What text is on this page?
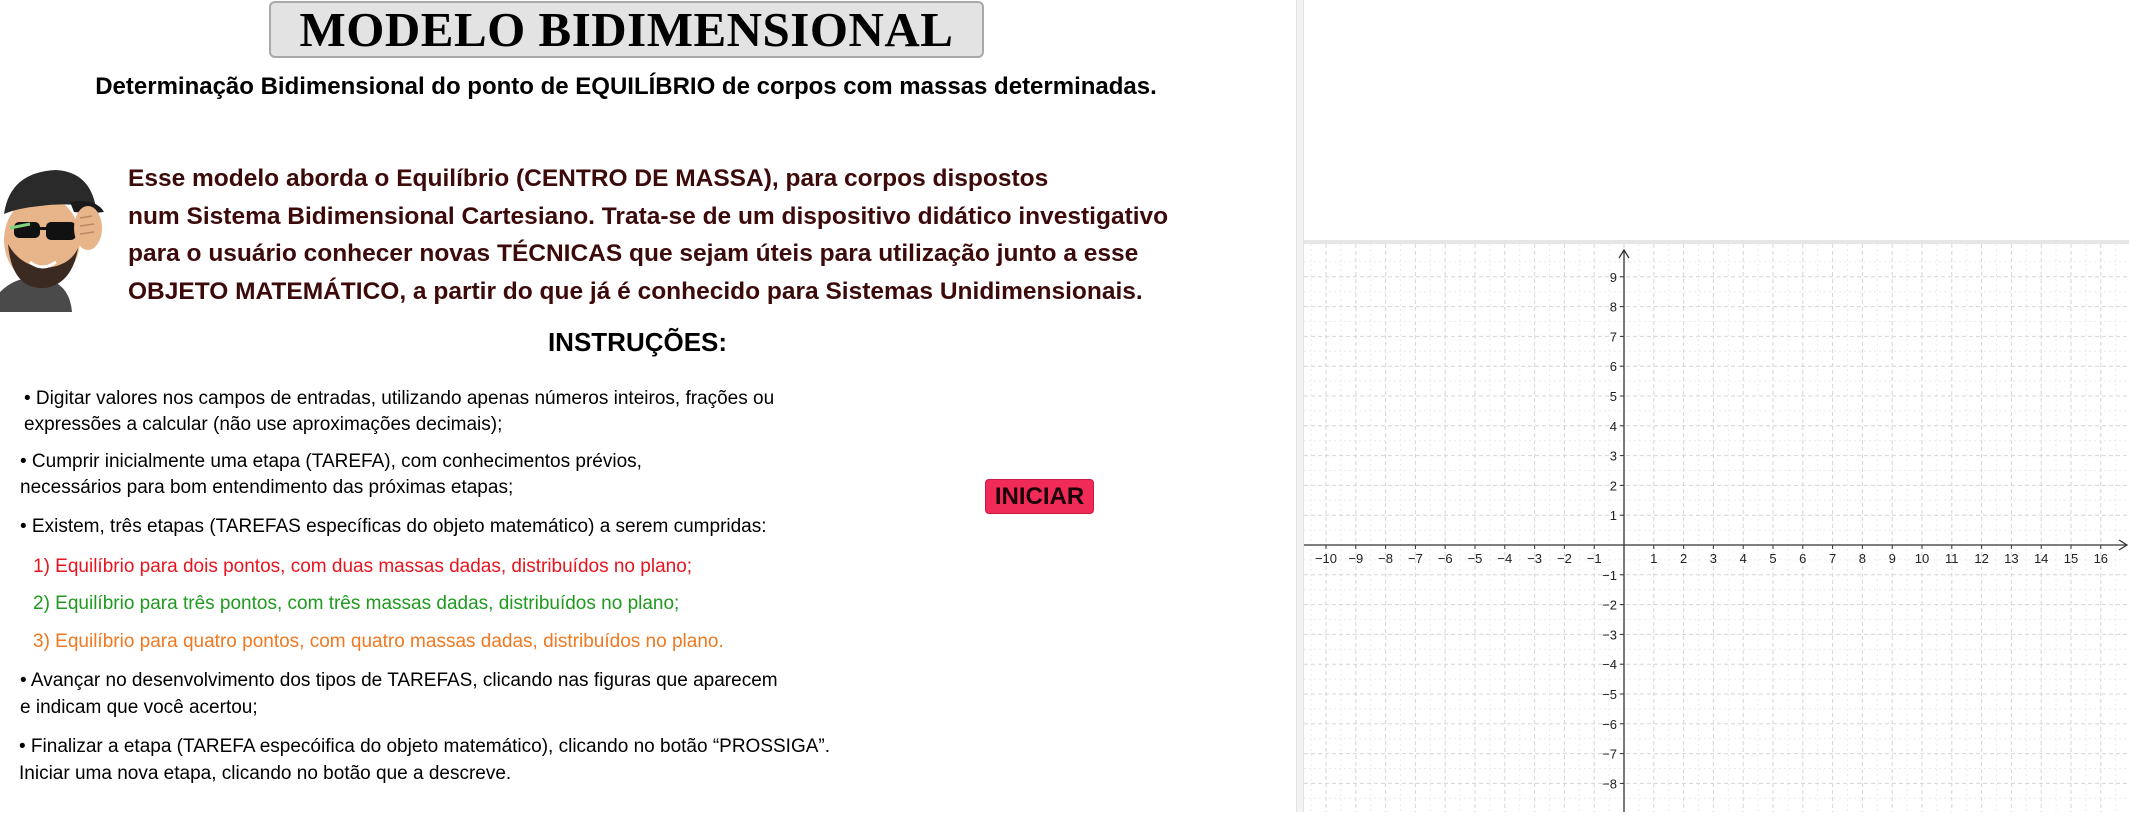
MODELO BIDIMENSIONAL
Determinação Bidimensional do ponto de EQUILÍBRIO de corpos com massas determinadas.
Esse modelo aborda o Equilíbrio (CENTRO DE MASSA), para corpos dispostos
num Sistema Bidimensional Cartesiano. Trata-se de um dispositivo didático investigativo
para o usuário conhecer novas TÉCNICAS que sejam úteis para utilização junto a esse
OBJETO MATEMÁTICO, a partir do que já é conhecido para Sistemas Unidimensionais.
INSTRUÇÕES:
• Digitar valores nos campos de entradas, utilizando apenas números inteiros, frações ou
expressões a calcular (não use aproximações decimais);
• Cumprir inicialmente uma etapa (TAREFA), com conhecimentos prévios,
necessários para bom entendimento das próximas etapas;
• Existem, três etapas (TAREFAS específicas do objeto matemático) a serem cumpridas:
1) Equilíbrio para dois pontos, com duas massas dadas, distribuídos no plano;
2) Equilíbrio para três pontos, com três massas dadas, distribuídos no plano;
3) Equilíbrio para quatro pontos, com quatro massas dadas, distribuídos no plano.
• Avançar no desenvolvimento dos tipos de TAREFAS, clicando nas figuras que aparecem
e indicam que você acertou;
• Finalizar a etapa (TAREFA especóifica do objeto matemático), clicando no botão “PROSSIGA”.
Iniciar uma nova etapa, clicando no botão que a descreve.
INICIAR
−10 −9 −8 −7 −6 −5 −4 −3 −2 −1	1 2 3 4 5 6 7 8 9 10 11 12 13 14 15 16
9
8
7
6
5
4
3
2
1
−1
−2
−3
−4
−5
−6
−7
−8
